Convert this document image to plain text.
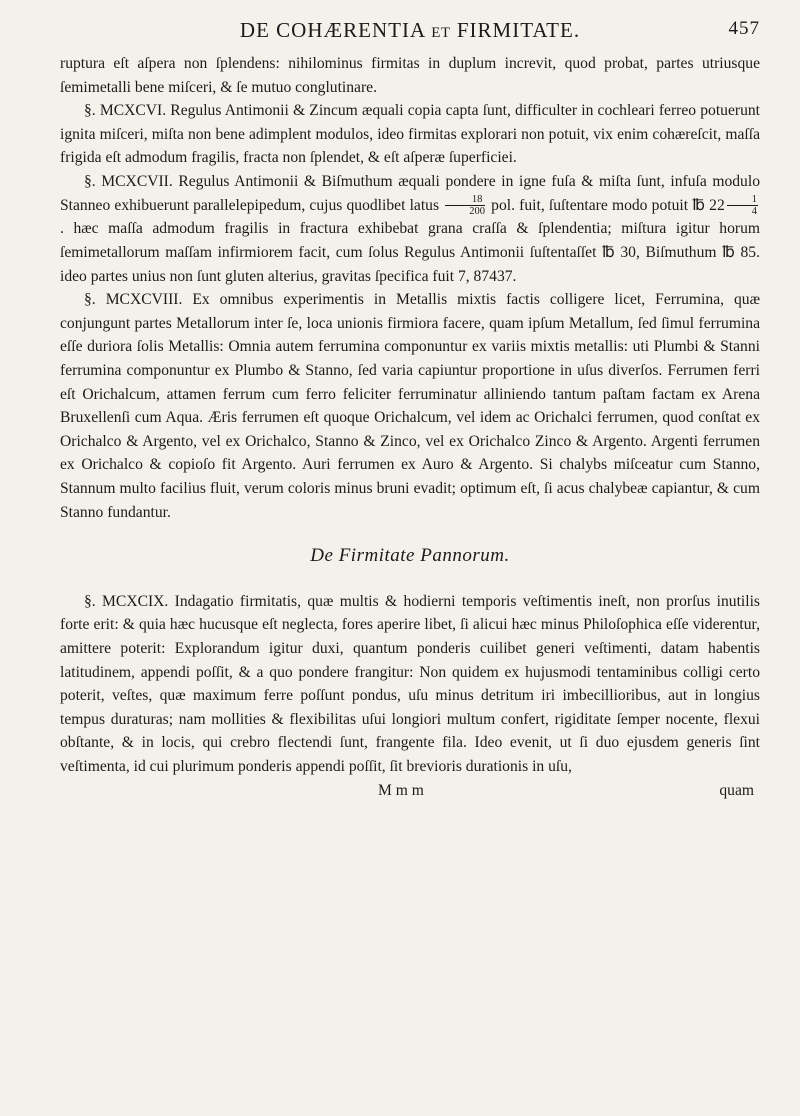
DE COHÆRENTIA ET FIRMITATE.	457

ruptura eſt aſpera non ſplendens: nihilominus firmitas in duplum increvit, quod probat, partes utriusque ſemimetalli bene miſceri, & ſe mutuo conglutinare.

§. MCXCVI. Regulus Antimonii & Zincum æquali copia capta ſunt, difficulter in cochleari ferreo potuerunt ignita miſceri, miſta non bene adimplent modulos, ideo firmitas explorari non potuit, vix enim cohæreſcit, maſſa frigida eſt admodum fragilis, fracta non ſplendet, & eſt aſperæ ſuperficiei.

§. MCXCVII. Regulus Antimonii & Biſmuthum æquali pondere in igne fuſa & miſta ſunt, infuſa modulo Stanneo exhibuerunt parallelepipedum, cujus quodlibet latus $\frac{18}{200}$ pol. fuit, ſuſtentare modo potuit ℔ $22 \frac{1}{4}$
. hæc maſſa admodum fragilis in fractura exhibebat grana craſſa & ſplendentia; miſtura igitur horum ſemimetallorum maſſam infirmiorem facit, cum ſolus Regulus Antimonii ſuſtentaſſet ℔ 30, Biſmuthum ℔ 85. ideo partes unius non ſunt gluten alterius, gravitas ſpecifica fuit 7, 87437.

§. MCXCVIII. Ex omnibus experimentis in Metallis mixtis factis colligere licet, Ferrumina, quæ conjungunt partes Metallorum inter ſe, loca unionis firmiora facere, quam ipſum Metallum, ſed ſimul ferrumina eſſe duriora ſolis Metallis: Omnia autem ferrumina componuntur ex variis mixtis metallis: uti Plumbi & Stanni ferrumina componuntur ex Plumbo & Stanno, ſed varia capiuntur proportione in uſus diverſos. Ferrumen ferri eſt Orichalcum, attamen ferrum cum ferro feliciter ferruminatur alliniendo tantum paſtam factam ex Arena Bruxellenſi cum Aqua. Æris ferrumen eſt quoque Orichalcum, vel idem ac Orichalci ferrumen, quod conſtat ex Orichalco & Argento, vel ex Orichalco, Stanno & Zinco, vel ex Orichalco Zinco & Argento. Argenti ferrumen ex Orichalco & copioſo fit Argento. Auri ferrumen ex Auro & Argento. Si chalybs miſceatur cum Stanno, Stannum multo facilius fluit, verum coloris minus bruni evadit; optimum eſt, ſi acus chalybeæ capiantur, & cum Stanno fundantur.

De Firmitate Pannorum.

§. MCXCIX. Indagatio firmitatis, quæ multis & hodierni temporis veſtimentis ineſt, non prorſus inutilis forte erit: & quia hæc hucusque eſt neglecta, fores aperire libet, ſi alicui hæc minus Philoſophica eſſe viderentur, amittere poterit: Explorandum igitur duxi, quantum ponderis cuilibet generi veſtimenti, datam habentis latitudinem, appendi poſſit, & a quo pondere frangitur: Non quidem ex hujusmodi tentaminibus colligi certo poterit, veſtes, quæ maximum ferre poſſunt pondus, uſu minus detritum iri imbecillioribus, aut in longius tempus duraturas; nam mollities & flexibilitas uſui longiori multum confert, rigiditate ſemper nocente, flexui obſtante, & in locis, qui crebro flectendi ſunt, frangente fila. Ideo evenit, ut ſi duo ejusdem generis ſint veſtimenta, id cui plurimum ponderis appendi poſſit, ſit brevioris durationis in uſu,

M m m	quam
